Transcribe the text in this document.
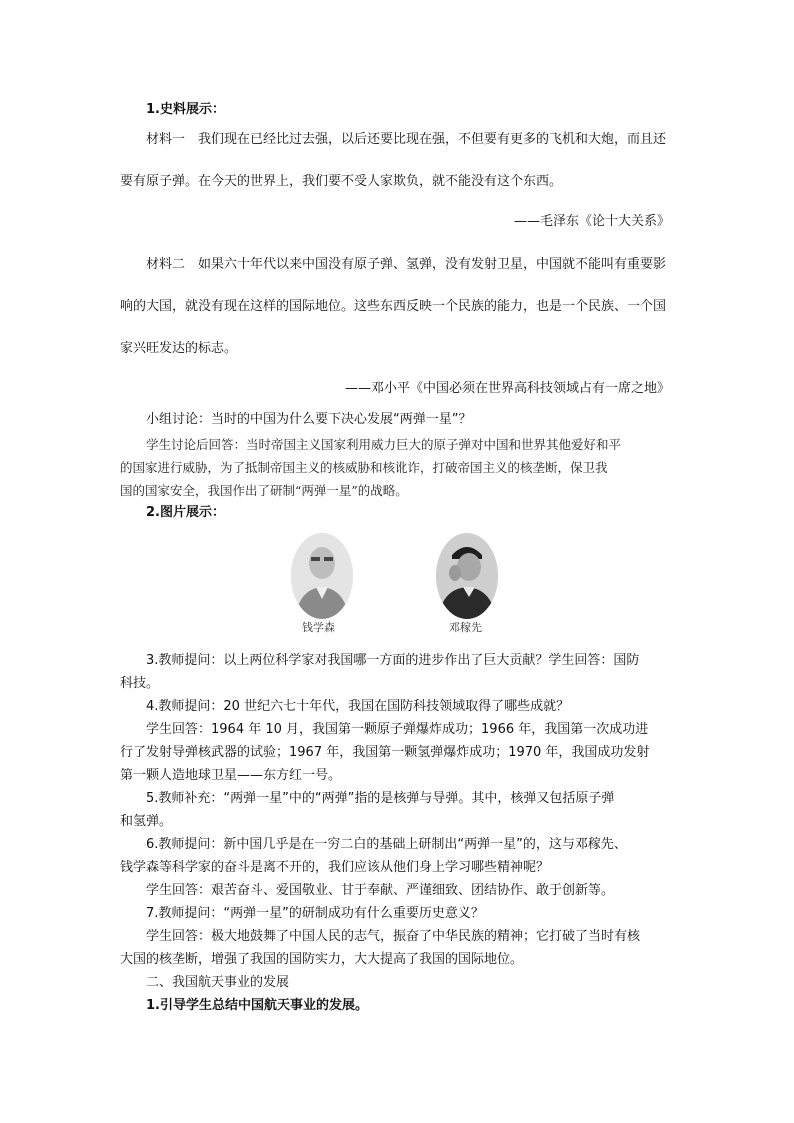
1.史料展示：
材料一　我们现在已经比过去强，以后还要比现在强，不但要有更多的飞机和大炮，而且还
要有原子弹。在今天的世界上，我们要不受人家欺负，就不能没有这个东西。
——毛泽东《论十大关系》
材料二　如果六十年代以来中国没有原子弹、氢弹，没有发射卫星，中国就不能叫有重要影
响的大国，就没有现在这样的国际地位。这些东西反映一个民族的能力，也是一个民族、一个国
家兴旺发达的标志。
——邓小平《中国必须在世界高科技领域占有一席之地》
小组讨论：当时的中国为什么要下决心发展“两弹一星”？
学生讨论后回答：当时帝国主义国家利用威力巨大的原子弹对中国和世界其他爱好和平
的国家进行威胁，为了抵制帝国主义的核威胁和核讹诈，打破帝国主义的核垄断，保卫我
国的国家安全，我国作出了研制“两弹一星”的战略。
2.图片展示：
钱学森	邓稼先
3.教师提问：以上两位科学家对我国哪一方面的进步作出了巨大贡献？学生回答：国防
科技。
4.教师提问：20 世纪六七十年代，我国在国防科技领域取得了哪些成就？
学生回答：1964 年 10 月，我国第一颗原子弹爆炸成功；1966 年，我国第一次成功进
行了发射导弹核武器的试验；1967 年，我国第一颗氢弹爆炸成功；1970 年，我国成功发射
第一颗人造地球卫星——东方红一号。
5.教师补充：“两弹一星”中的“两弹”指的是核弹与导弹。其中，核弹又包括原子弹
和氢弹。
6.教师提问：新中国几乎是在一穷二白的基础上研制出“两弹一星”的，这与邓稼先、
钱学森等科学家的奋斗是离不开的，我们应该从他们身上学习哪些精神呢？
学生回答：艰苦奋斗、爱国敬业、甘于奉献、严谨细致、团结协作、敢于创新等。
7.教师提问：“两弹一星”的研制成功有什么重要历史意义？
学生回答：极大地鼓舞了中国人民的志气，振奋了中华民族的精神；它打破了当时有核
大国的核垄断，增强了我国的国防实力，大大提高了我国的国际地位。
二、我国航天事业的发展
1.引导学生总结中国航天事业的发展。
